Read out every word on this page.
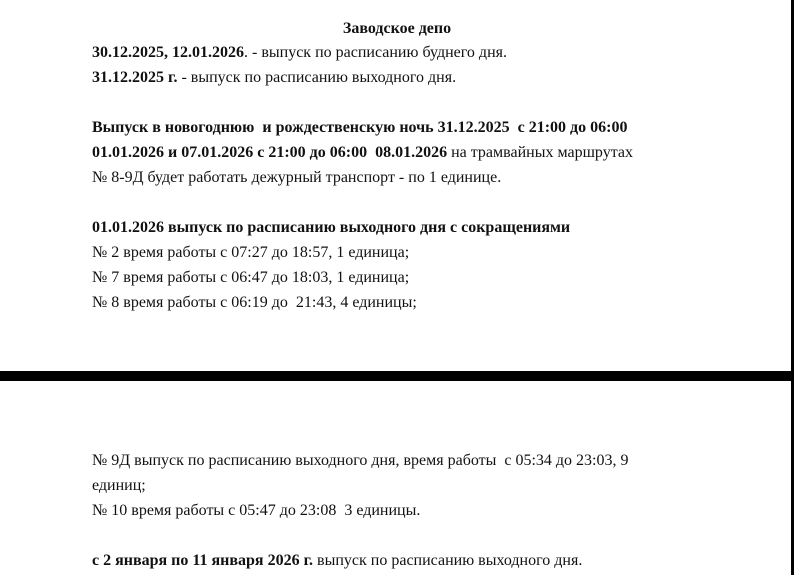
Заводское депо
30.12.2025, 12.01.2026. - выпуск по расписанию буднего дня.
31.12.2025 г. - выпуск по расписанию выходного дня.
Выпуск в новогоднюю  и рождественскую ночь 31.12.2025  с 21:00 до 06:00
01.01.2026 и 07.01.2026 с 21:00 до 06:00  08.01.2026 на трамвайных маршрутах
№ 8-9Д будет работать дежурный транспорт - по 1 единице.
01.01.2026 выпуск по расписанию выходного дня с сокращениями
№ 2 время работы с 07:27 до 18:57, 1 единица;
№ 7 время работы с 06:47 до 18:03, 1 единица;
№ 8 время работы с 06:19 до  21:43, 4 единицы;
№ 9Д выпуск по расписанию выходного дня, время работы  с 05:34 до 23:03, 9
единиц;
№ 10 время работы с 05:47 до 23:08  3 единицы.
с 2 января по 11 января 2026 г. выпуск по расписанию выходного дня.
